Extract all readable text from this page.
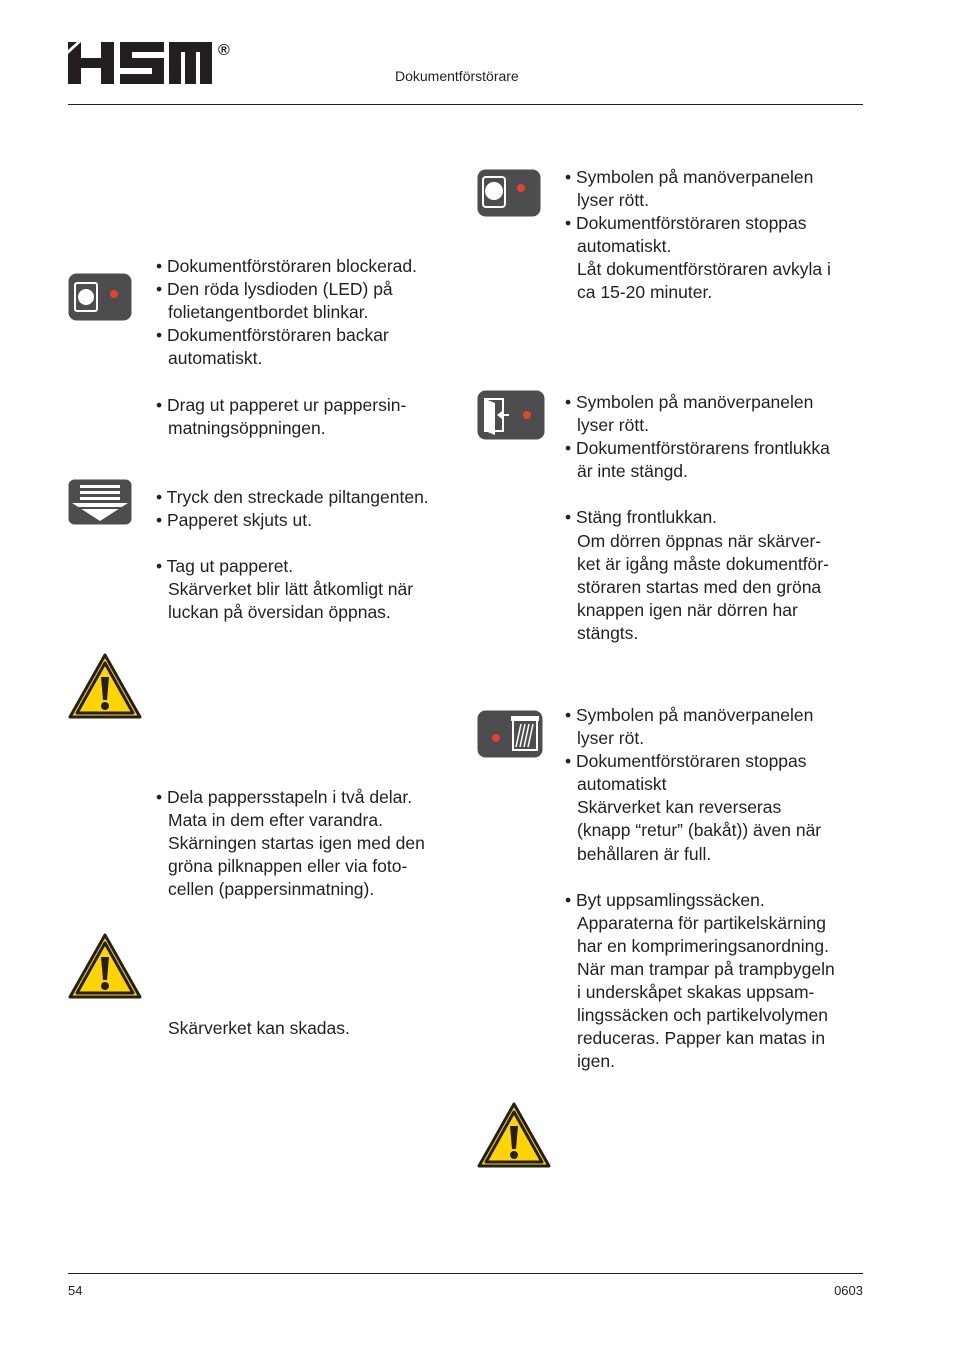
®
Dokumentförstörare
• Dokumentförstöraren blockerad.
• Den röda lysdioden (LED) på
folietangentbordet blinkar.
• Dokumentförstöraren backar
automatiskt.
• Drag ut papperet ur pappersin-
matningsöppningen.
• Tryck den streckade piltangenten.
• Papperet skjuts ut.
• Tag ut papperet.
Skärverket blir lätt åtkomligt när
luckan på översidan öppnas.
• Dela pappersstapeln i två delar.
Mata in dem efter varandra.
Skärningen startas igen med den
gröna pilknappen eller via foto-
cellen (pappersinmatning).
Skärverket kan skadas.
• Symbolen på manöverpanelen
lyser rött.
• Dokumentförstöraren stoppas
automatiskt.
Låt dokumentförstöraren avkyla i
ca 15-20 minuter.
• Symbolen på manöverpanelen
lyser rött.
• Dokumentförstörarens frontlukka
är inte stängd.
• Stäng frontlukkan.
Om dörren öppnas när skärver-
ket är igång måste dokumentför-
störaren startas med den gröna
knappen igen när dörren har
stängts.
• Symbolen på manöverpanelen
lyser röt.
• Dokumentförstöraren stoppas
automatiskt
Skärverket kan reverseras
(knapp “retur” (bakåt)) även när
behållaren är full.
• Byt uppsamlingssäcken.
Apparaterna för partikelskärning
har en komprimeringsanordning.
När man trampar på trampbygeln
i underskåpet skakas uppsam-
lingssäcken och partikelvolymen
reduceras. Papper kan matas in
igen.
54	0603
